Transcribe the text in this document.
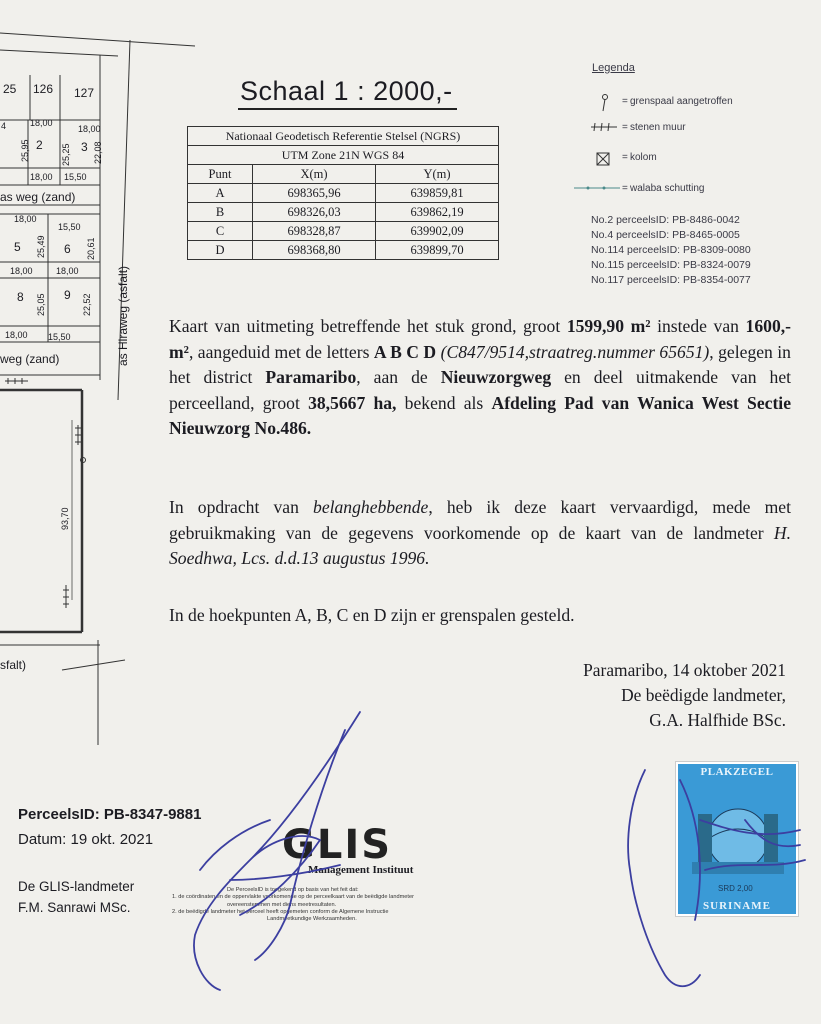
25 126 127
4
2	3
5	6
8	9
18,00
18,00
25,95	25,25 22,08
18,00 15,50
18,00
15,50
25,49	20,61
18,00	18,00
25,05	22,52
18,00 15,50
93,70
as weg (zand)
weg (zand)	as Hiraweg (asfalt)
sfalt)
Schaal 1 : 2000,-
Nationaal Geodetisch Referentie Stelsel (NGRS)		
UTM Zone 21N WGS 84		
Punt	X(m)	Y(m)
A	698365,96	639859,81
B	698326,03	639862,19
C	698328,87	639902,09
D	698368,80	639899,70
Legenda
= grenspaal aangetroffen
= stenen muur
= kolom
= walaba schutting
No.2 perceelsID: PB-8486-0042
No.4 perceelsID: PB-8465-0005
No.114 perceelsID: PB-8309-0080
No.115 perceelsID: PB-8324-0079
No.117 perceelsID: PB-8354-0077
Kaart van uitmeting betreffende het stuk grond, groot 1599,90 m² instede van 1600,- m², aangeduid met de letters A B C D (C847/9514,straatreg.nummer 65651), gelegen in het district Paramaribo, aan de Nieuwzorgweg en deel uitmakende van het perceelland, groot 38,5667 ha, bekend als Afdeling Pad van Wanica West Sectie Nieuwzorg No.486.
In opdracht van belanghebbende, heb ik deze kaart vervaardigd, mede met gebruikmaking van de gegevens voorkomende op de kaart van de landmeter H. Soedhwa, Lcs. d.d.13 augustus 1996.
In de hoekpunten A, B, C en D zijn er grenspalen gesteld.
Paramaribo, 14 oktober 2021
De beëdigde landmeter,
G.A. Halfhide BSc.
PerceelsID: PB-8347-9881
Datum: 19 okt. 2021
De GLIS-landmeter
F.M. Sanrawi MSc.
GLIS
Management Instituut
De PerceelsID is toegekend op basis van het feit dat:
1. de coördinaten en de oppervlakte voorkomende op de perceelkaart van de beëdigde landmeter
overeenstemmen met diens meetresultaten.
2. de beëdigde landmeter het perceel heeft opgemeten conform de Algemene Instructie
Landmeetkundige Werkzaamheden.
PLAKZEGEL
SRD 2,00
SURINAME
